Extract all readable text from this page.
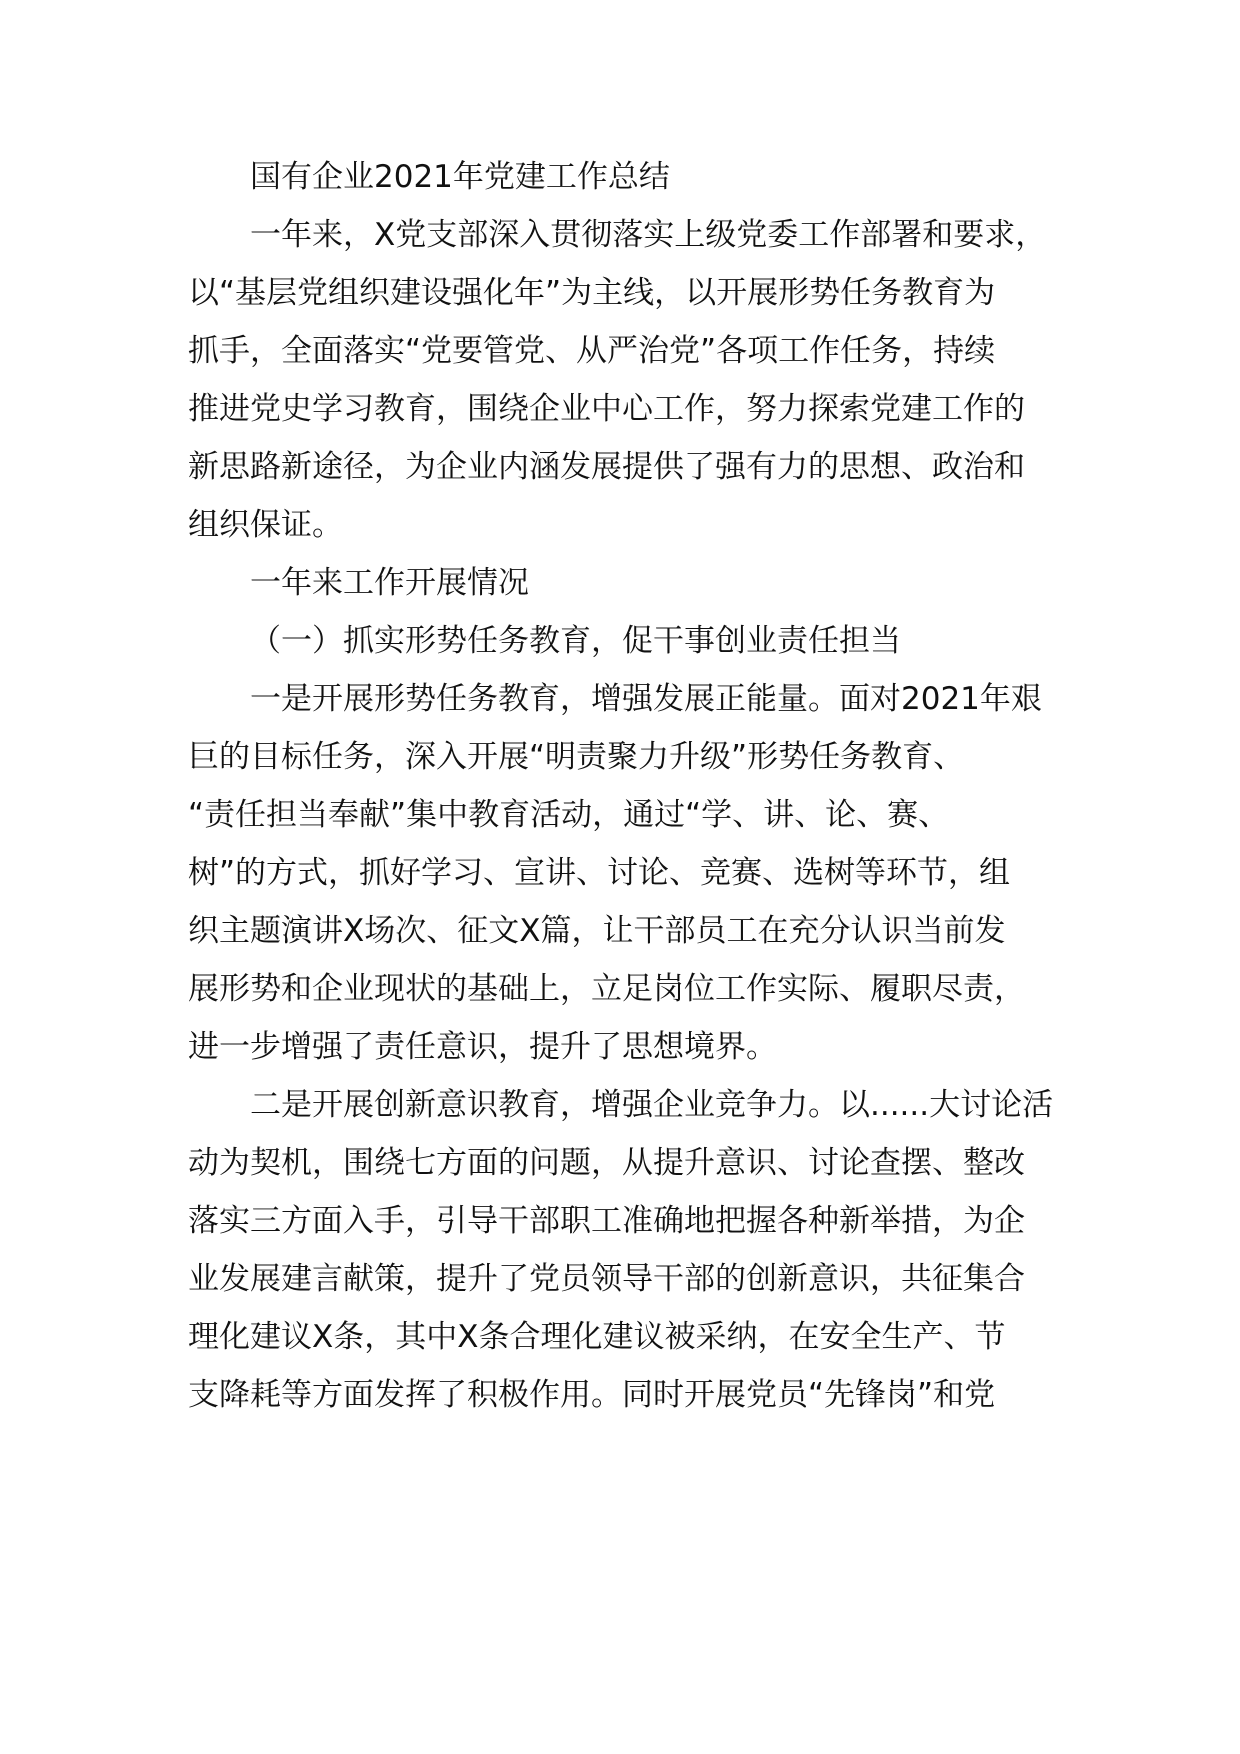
国有企业2021年党建工作总结
一年来，X党支部深入贯彻落实上级党委工作部署和要求，
以“基层党组织建设强化年”为主线，以开展形势任务教育为
抓手，全面落实“党要管党、从严治党”各项工作任务，持续
推进党史学习教育，围绕企业中心工作，努力探索党建工作的
新思路新途径，为企业内涵发展提供了强有力的思想、政治和
组织保证。
一年来工作开展情况
（一）抓实形势任务教育，促干事创业责任担当
一是开展形势任务教育，增强发展正能量。面对2021年艰
巨的目标任务，深入开展“明责聚力升级”形势任务教育、
“责任担当奉献”集中教育活动，通过“学、讲、论、赛、
树”的方式，抓好学习、宣讲、讨论、竞赛、选树等环节，组
织主题演讲X场次、征文X篇，让干部员工在充分认识当前发
展形势和企业现状的基础上，立足岗位工作实际、履职尽责，
进一步增强了责任意识，提升了思想境界。
二是开展创新意识教育，增强企业竞争力。以......大讨论活
动为契机，围绕七方面的问题，从提升意识、讨论查摆、整改
落实三方面入手，引导干部职工准确地把握各种新举措，为企
业发展建言献策，提升了党员领导干部的创新意识，共征集合
理化建议X条，其中X条合理化建议被采纳，在安全生产、节
支降耗等方面发挥了积极作用。同时开展党员“先锋岗”和党
